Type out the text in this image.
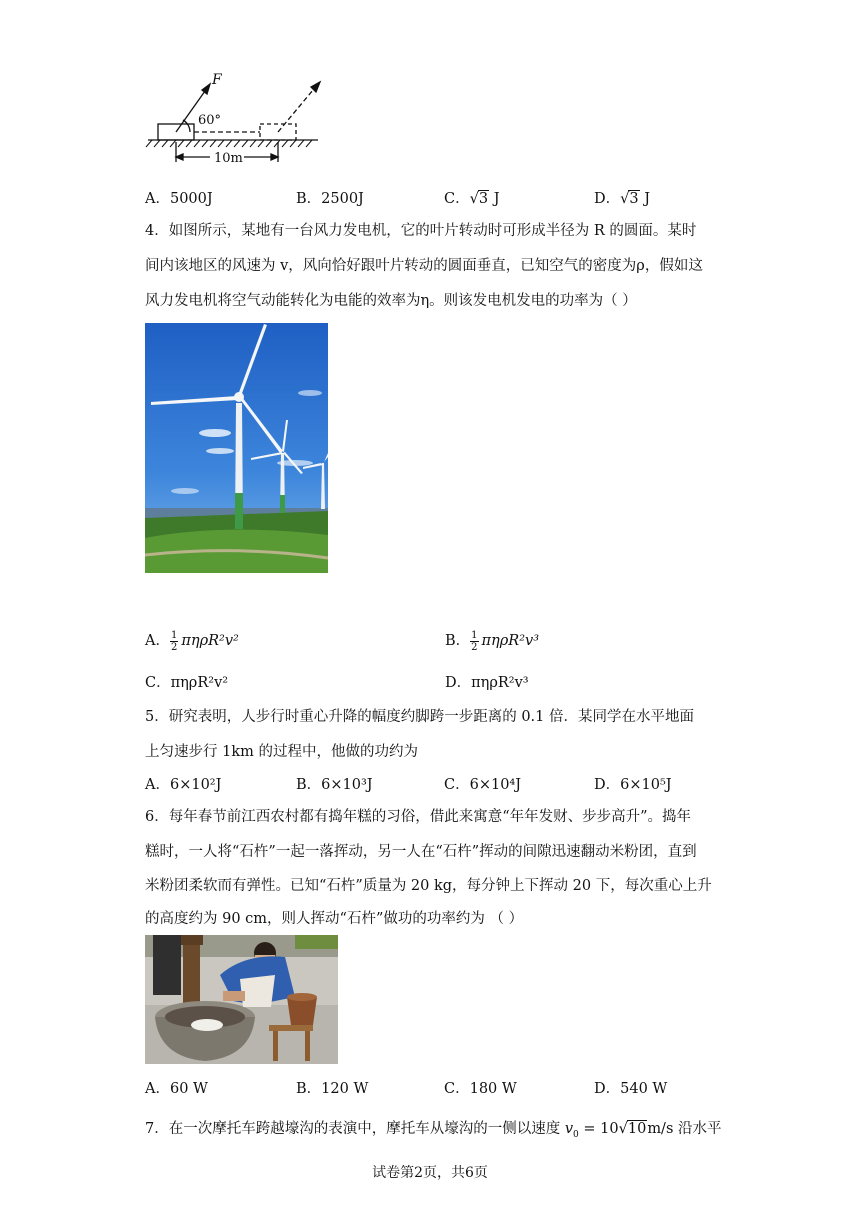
F
60°
10m
A．5000J	B．2500J	C．√3 J	D．√3 J
4．如图所示，某地有一台风力发电机，它的叶片转动时可形成半径为 R 的圆面。某时
间内该地区的风速为 v，风向恰好跟叶片转动的圆面垂直，已知空气的密度为ρ，假如这
风力发电机将空气动能转化为电能的效率为η。则该发电机发电的功率为（ ）
A． $\frac{1}{2} \pi\eta\rho R^2v^2$	B． $\frac{1}{2} \pi\eta\rho R^2v^3$
C．πηρR²v²	D．πηρR²v³
5．研究表明，人步行时重心升降的幅度约脚跨一步距离的 0.1 倍．某同学在水平地面
上匀速步行 1km 的过程中，他做的功约为
A．6×10²J	B．6×10³J	C．6×10⁴J	D．6×10⁵J
6．每年春节前江西农村都有捣年糕的习俗，借此来寓意“年年发财、步步高升”。捣年
糕时，一人将“石杵”一起一落挥动，另一人在“石杵”挥动的间隙迅速翻动米粉团，直到
米粉团柔软而有弹性。已知“石杵”质量为 20 kg，每分钟上下挥动 20 下，每次重心上升
的高度约为 90 cm，则人挥动“石杵”做功的功率约为 （ ）
A．60 W	B．120 W	C．180 W	D．540 W
7．在一次摩托车跨越壕沟的表演中，摩托车从壕沟的一侧以速度 $v_0 = 10√10m/s$ 沿水平
试卷第2页，共6页
